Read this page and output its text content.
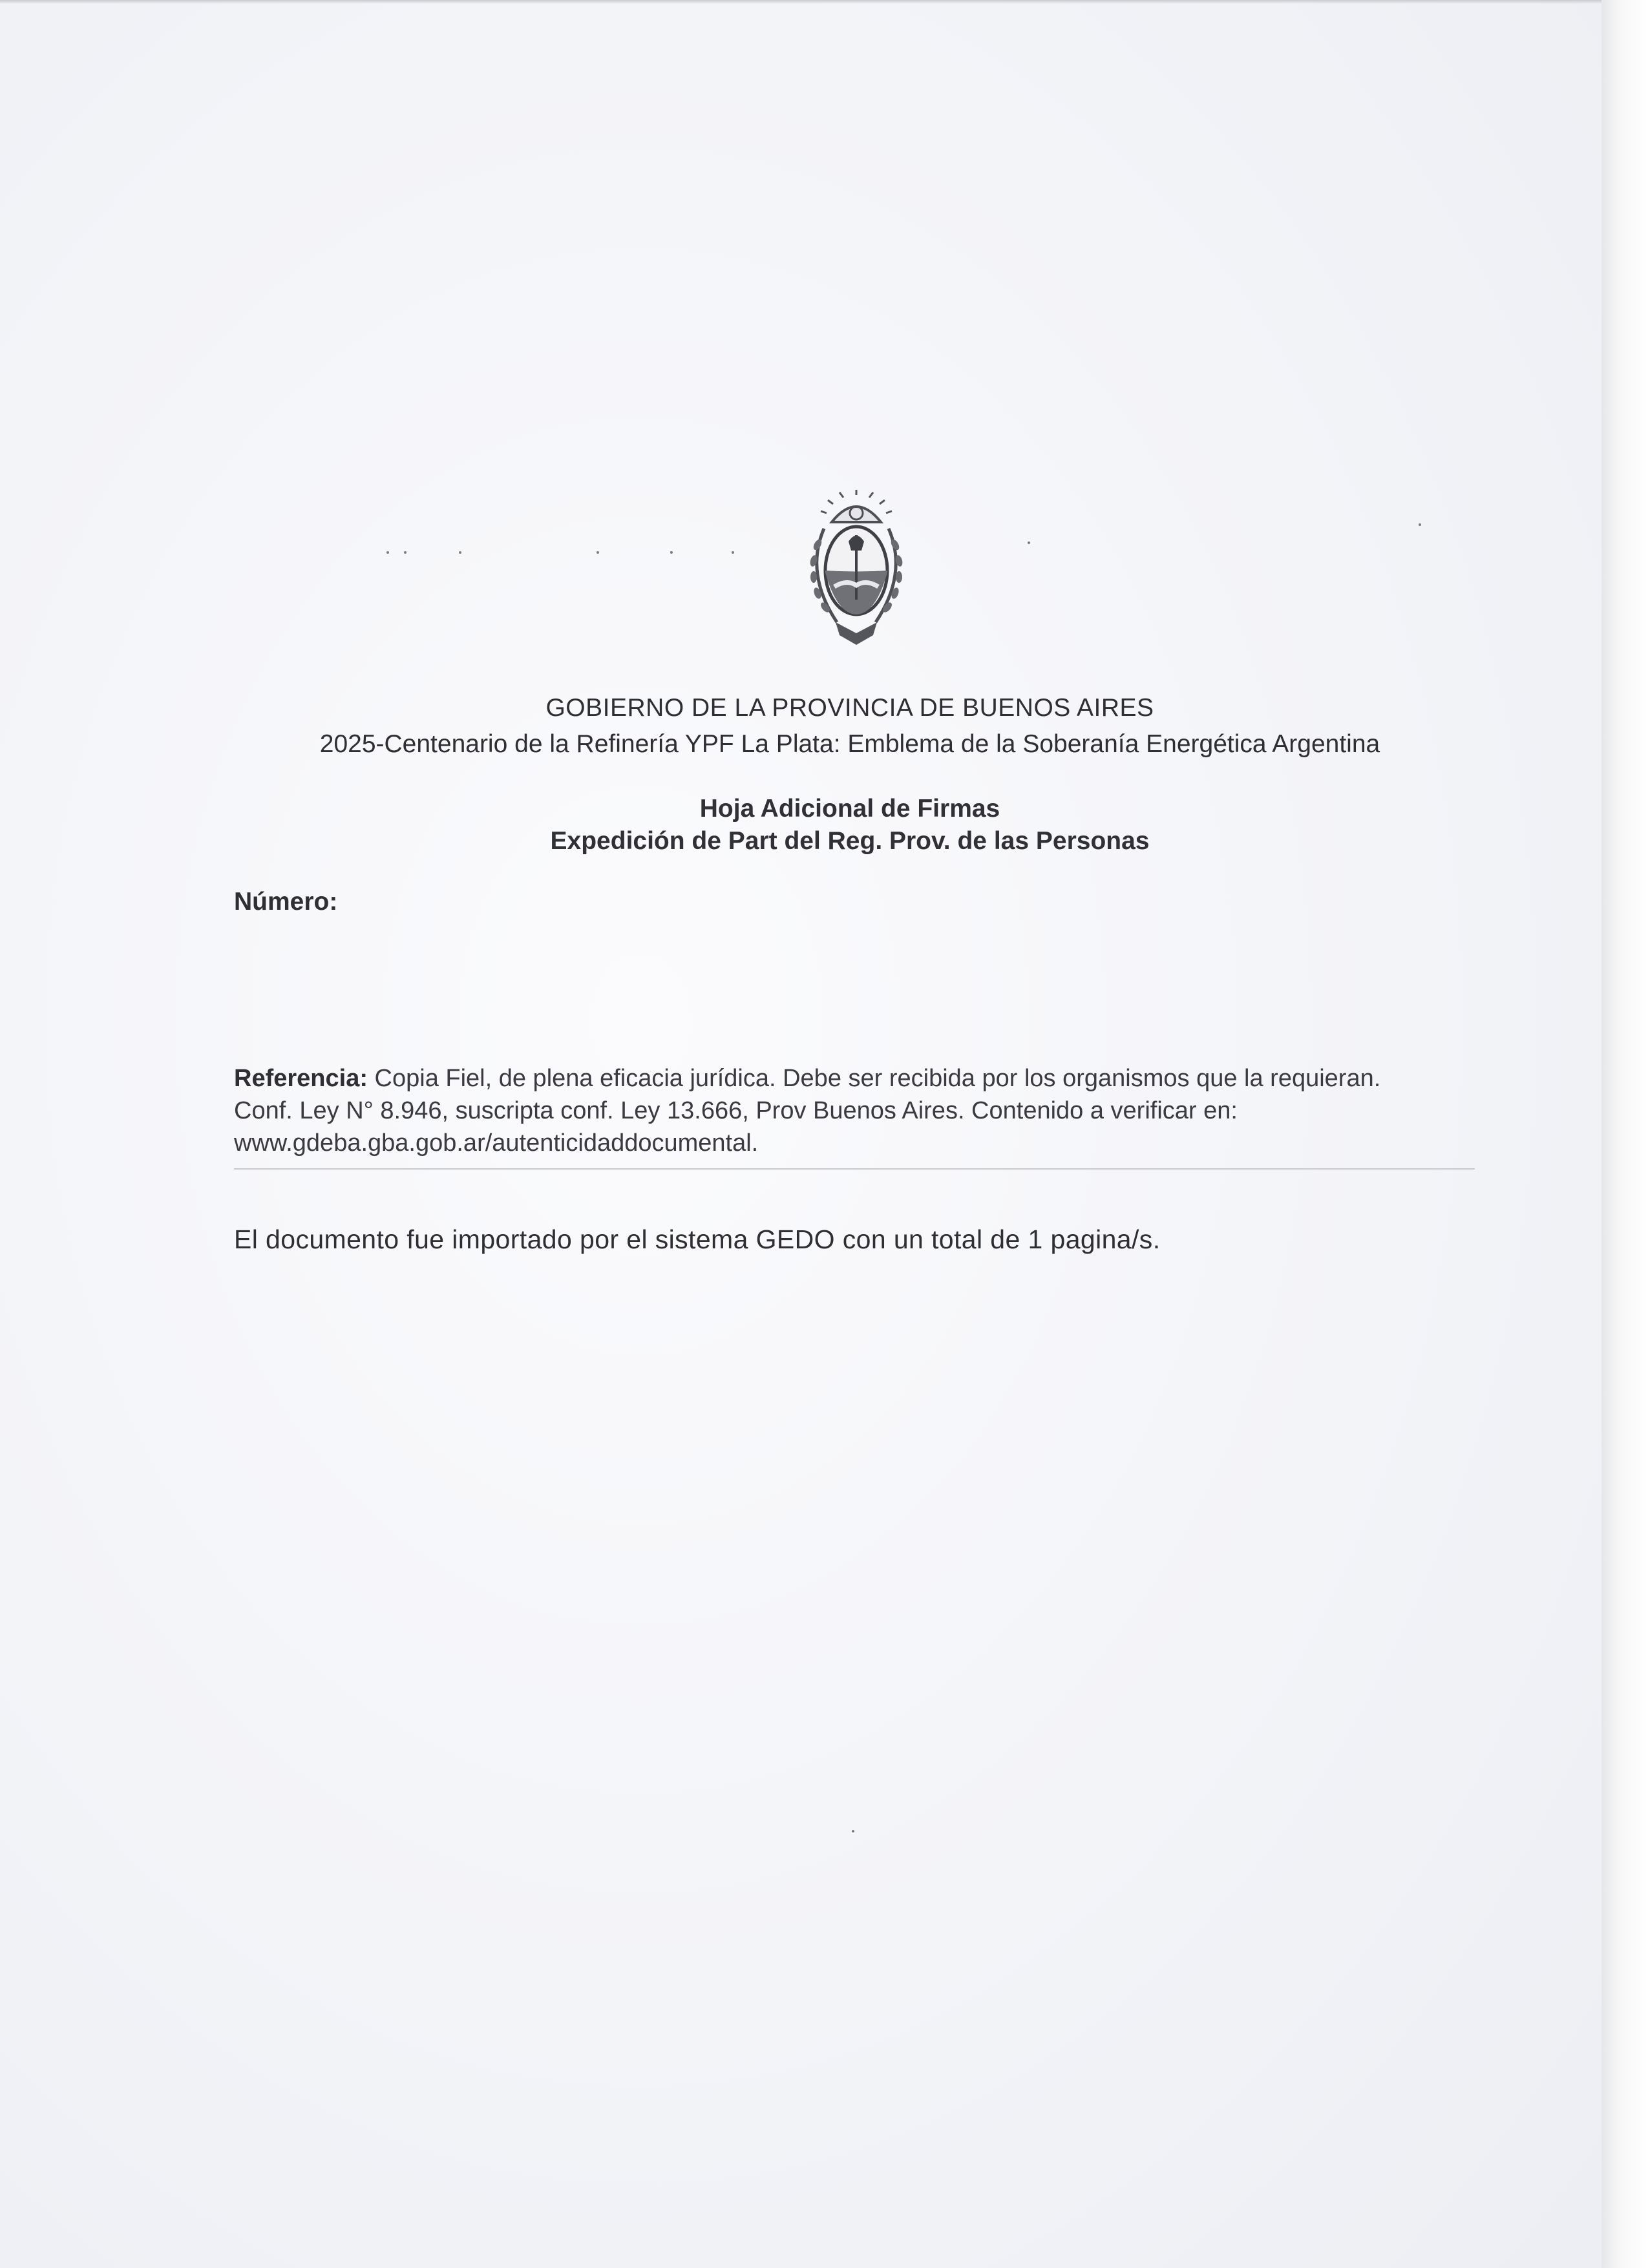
GOBIERNO DE LA PROVINCIA DE BUENOS AIRES
2025-Centenario de la Refinería YPF La Plata: Emblema de la Soberanía Energética Argentina
Hoja Adicional de Firmas
Expedición de Part del Reg. Prov. de las Personas
Número:
Referencia: Copia Fiel, de plena eficacia jurídica. Debe ser recibida por los organismos que la requieran.
Conf. Ley N° 8.946, suscripta conf. Ley 13.666, Prov Buenos Aires. Contenido a verificar en:
www.gdeba.gba.gob.ar/autenticidaddocumental.
El documento fue importado por el sistema GEDO con un total de 1 pagina/s.
